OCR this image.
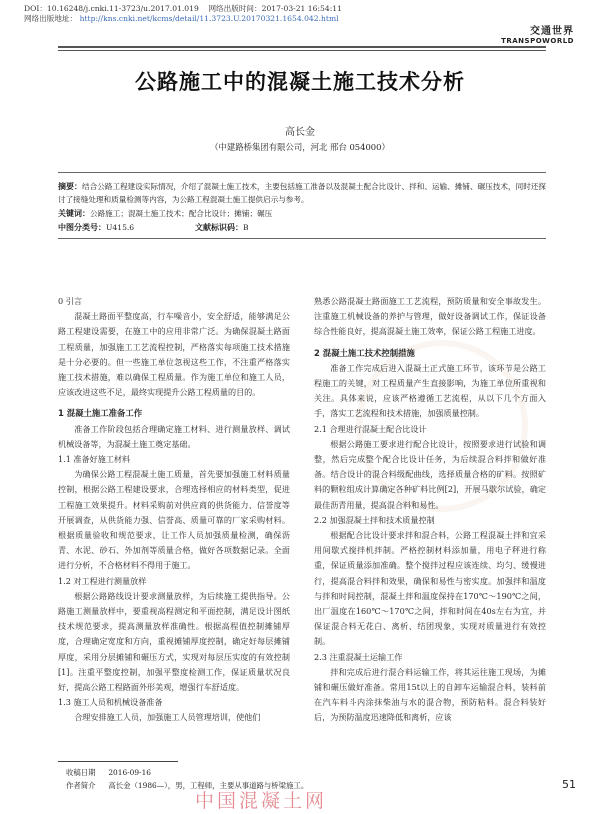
DOI：10.16248/j.cnki.11-3723/u.2017.01.019 网络出版时间：2017-03-21 16:54:11
网络出版地址： http://kns.cnki.net/kcms/detail/11.3723.U.20170321.1654.042.html
交通世界
TRANSPOWORLD
公路施工中的混凝土施工技术分析
高长金
（中建路桥集团有限公司，河北 邢台 054000）
摘要：结合公路工程建设实际情况，介绍了混凝土施工技术，主要包括施工准备以及混凝土配合比设计、拌和、运输、摊铺、碾压技术，同时还探讨了接缝处理和质量检测等内容，为公路工程混凝土施工提供启示与参考。
关键词：公路施工；混凝土施工技术；配合比设计；摊铺；碾压
中图分类号：U415.6	文献标识码：B
0 引言

混凝土路面平整度高，行车噪音小，安全舒适，能够满足公路工程建设需要，在施工中的应用非常广泛。为确保混凝土路面工程质量，加强施工工艺流程控制，严格落实每项施工技术措施是十分必要的。但一些施工单位忽视这些工作，不注重严格落实施工技术措施，难以确保工程质量。作为施工单位和施工人员，应该改进这些不足，最终实现提升公路工程质量的目的。

1 混凝土施工准备工作

准备工作阶段包括合理确定施工材料、进行测量放样、调试机械设备等，为混凝土施工奠定基础。

1.1 准备好施工材料

为确保公路工程混凝土施工质量，首先要加强施工材料质量控制，根据公路工程建设要求，合理选择相应的材料类型，促进工程施工效果提升。材料采购前对供应商的供货能力、信誉度等开展调查，从供货能力强、信誉高、质量可靠的厂家采购材料。根据质量验收和规范要求，让工作人员加强质量检测，确保沥青、水泥、砂石、外加剂等质量合格，做好各项数据记录。全面进行分析，不合格材料不得用于施工。

1.2 对工程进行测量放样

根据公路路线设计要求测量放样，为后续施工提供指导。公路施工测量放样中，要重视高程测定和平面控制，满足设计图纸技术规范要求，提高测量放样准确性。根据高程值控制摊铺厚度，合理确定宽度和方向，重视摊铺厚度控制，确定好每层摊铺厚度，采用分层摊铺和碾压方式，实现对每层压实度的有效控制[1]。注重平整度控制，加强平整度检测工作，保证质量状况良好，提高公路工程路面外形美观，增强行车舒适度。

1.3 施工人员和机械设备准备

合理安排施工人员，加强施工人员管理培训，使他们

熟悉公路混凝土路面施工工艺流程，预防质量和安全事故发生。注重施工机械设备的养护与管理，做好设备调试工作，保证设备综合性能良好，提高混凝土施工效率，保证公路工程施工进度。

2 混凝土施工技术控制措施

准备工作完成后进入混凝土正式施工环节，该环节是公路工程施工的关键，对工程质量产生直接影响，为施工单位所重视和关注。具体来说，应该严格遵循工艺流程，从以下几个方面入手，落实工艺流程和技术措施，加强质量控制。

2.1 合理进行混凝土配合比设计

根据公路施工要求进行配合比设计，按照要求进行试验和调整，然后完成整个配合比设计任务，为后续混合料拌和做好准备。结合设计的混合料级配曲线，选择质量合格的矿料。按照矿料的颗粒组成计算确定各种矿料比例[2]，开展马歇尔试验，确定最佳沥青用量，提高混合料和易性。

2.2 加强混凝土拌和技术质量控制

根据配合比设计要求拌和混合料，公路工程混凝土拌和宜采用间歇式搅拌机拌制。严格控制材料添加量，用电子秤进行称重，保证质量添加准确。整个搅拌过程应该连续、均匀、缓慢进行，提高混合料拌和效果，确保和易性与密实度。加强拌和温度与拌和时间控制，混凝土拌和温度保持在170℃～190℃之间，出厂温度在160℃～170℃之间，拌和时间在40s左右为宜，并保证混合料无花白、离析、结团现象，实现对质量进行有效控制。

2.3 注重混凝土运输工作

拌和完成后进行混合料运输工作，将其运往施工现场，为摊铺和碾压做好准备。常用15t以上的自卸车运输混合料，装料前在汽车料斗内涂抹柴油与水的混合物，预防粘料。混合料装好后，为预防温度迅速降低和离析，应该

收稿日期 2016-09-16
作者简介 高长金（1986—），男，工程师，主要从事道路与桥梁施工。	51
中国混凝土网
